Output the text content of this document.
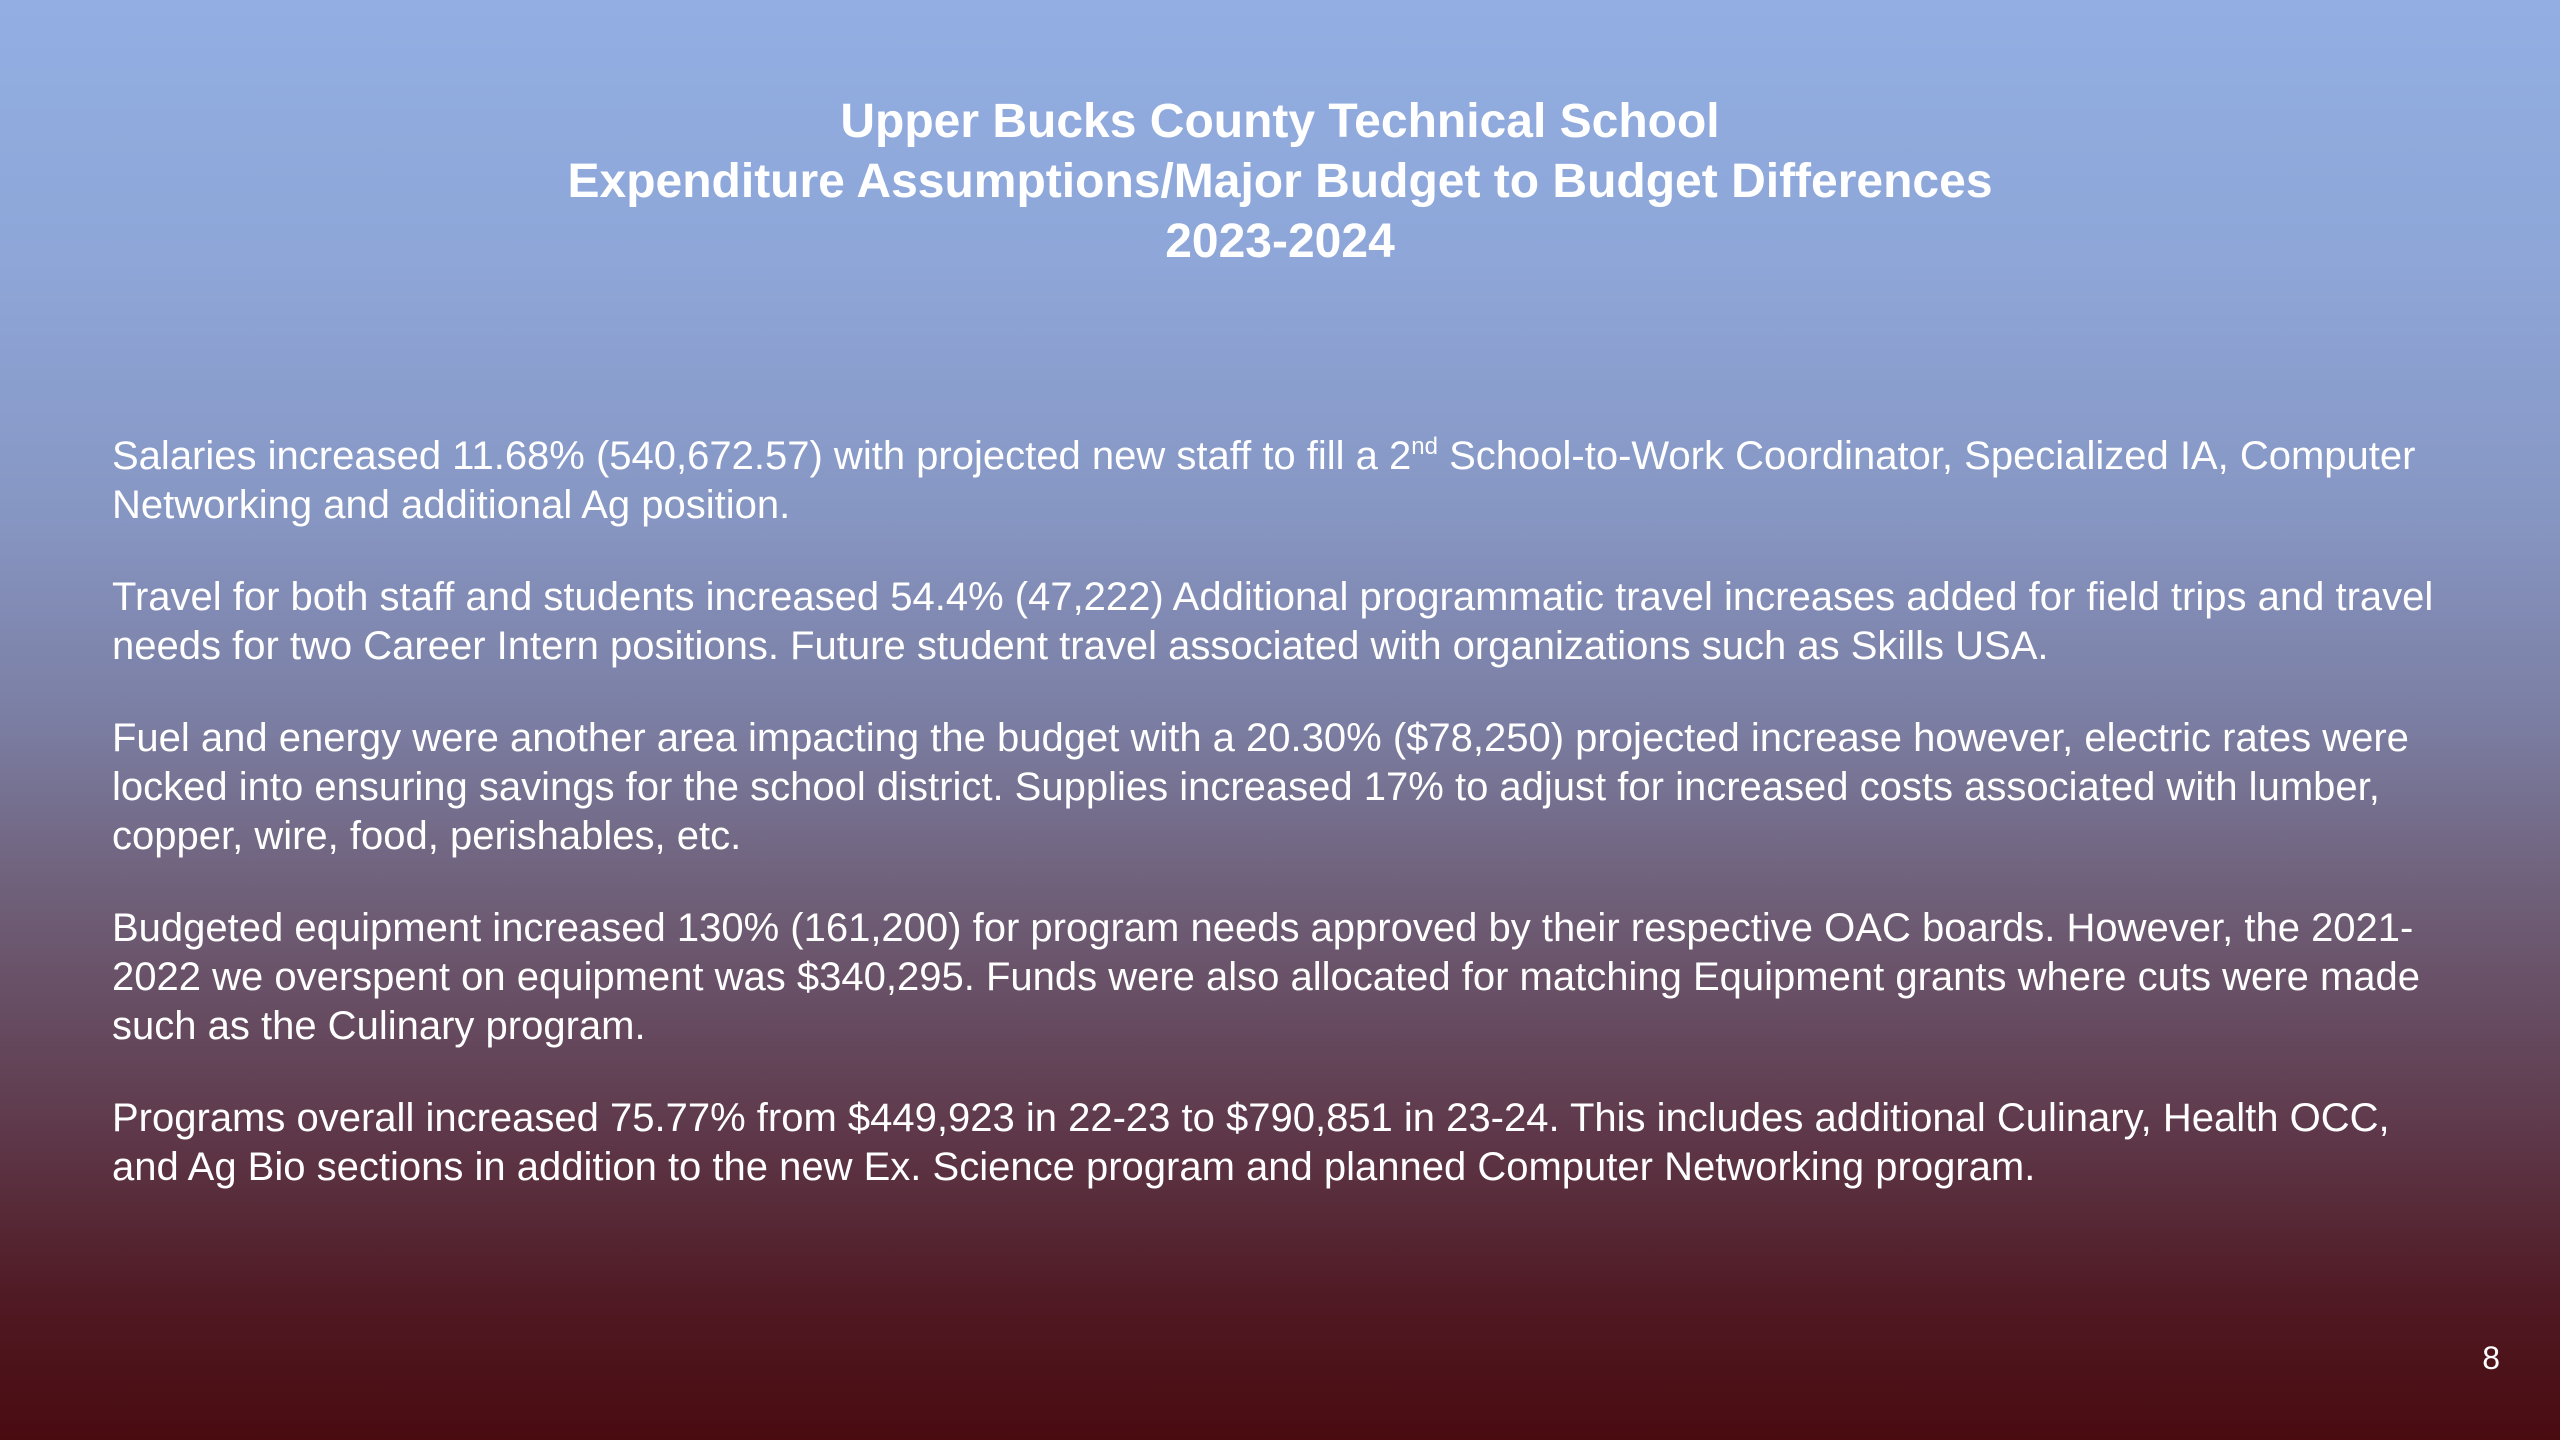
Upper Bucks County Technical School
Expenditure Assumptions/Major Budget to Budget Differences
2023-2024

Salaries increased 11.68% (540,672.57) with projected new staff to fill a 2nd School-to-Work Coordinator, Specialized IA, Computer Networking and additional Ag position.

Travel for both staff and students increased 54.4% (47,222) Additional programmatic travel increases added for field trips and travel needs for two Career Intern positions. Future student travel associated with organizations such as Skills USA.

Fuel and energy were another area impacting the budget with a 20.30% ($78,250) projected increase however, electric rates were locked into ensuring savings for the school district. Supplies increased 17% to adjust for increased costs associated with lumber, copper, wire, food, perishables, etc.

Budgeted equipment increased 130% (161,200) for program needs approved by their respective OAC boards. However, the 2021-2022 we overspent on equipment was $340,295. Funds were also allocated for matching Equipment grants where cuts were made such as the Culinary program.

Programs overall increased 75.77% from $449,923 in 22-23 to $790,851 in 23-24. This includes additional Culinary, Health OCC, and Ag Bio sections in addition to the new Ex. Science program and planned Computer Networking program.

8
